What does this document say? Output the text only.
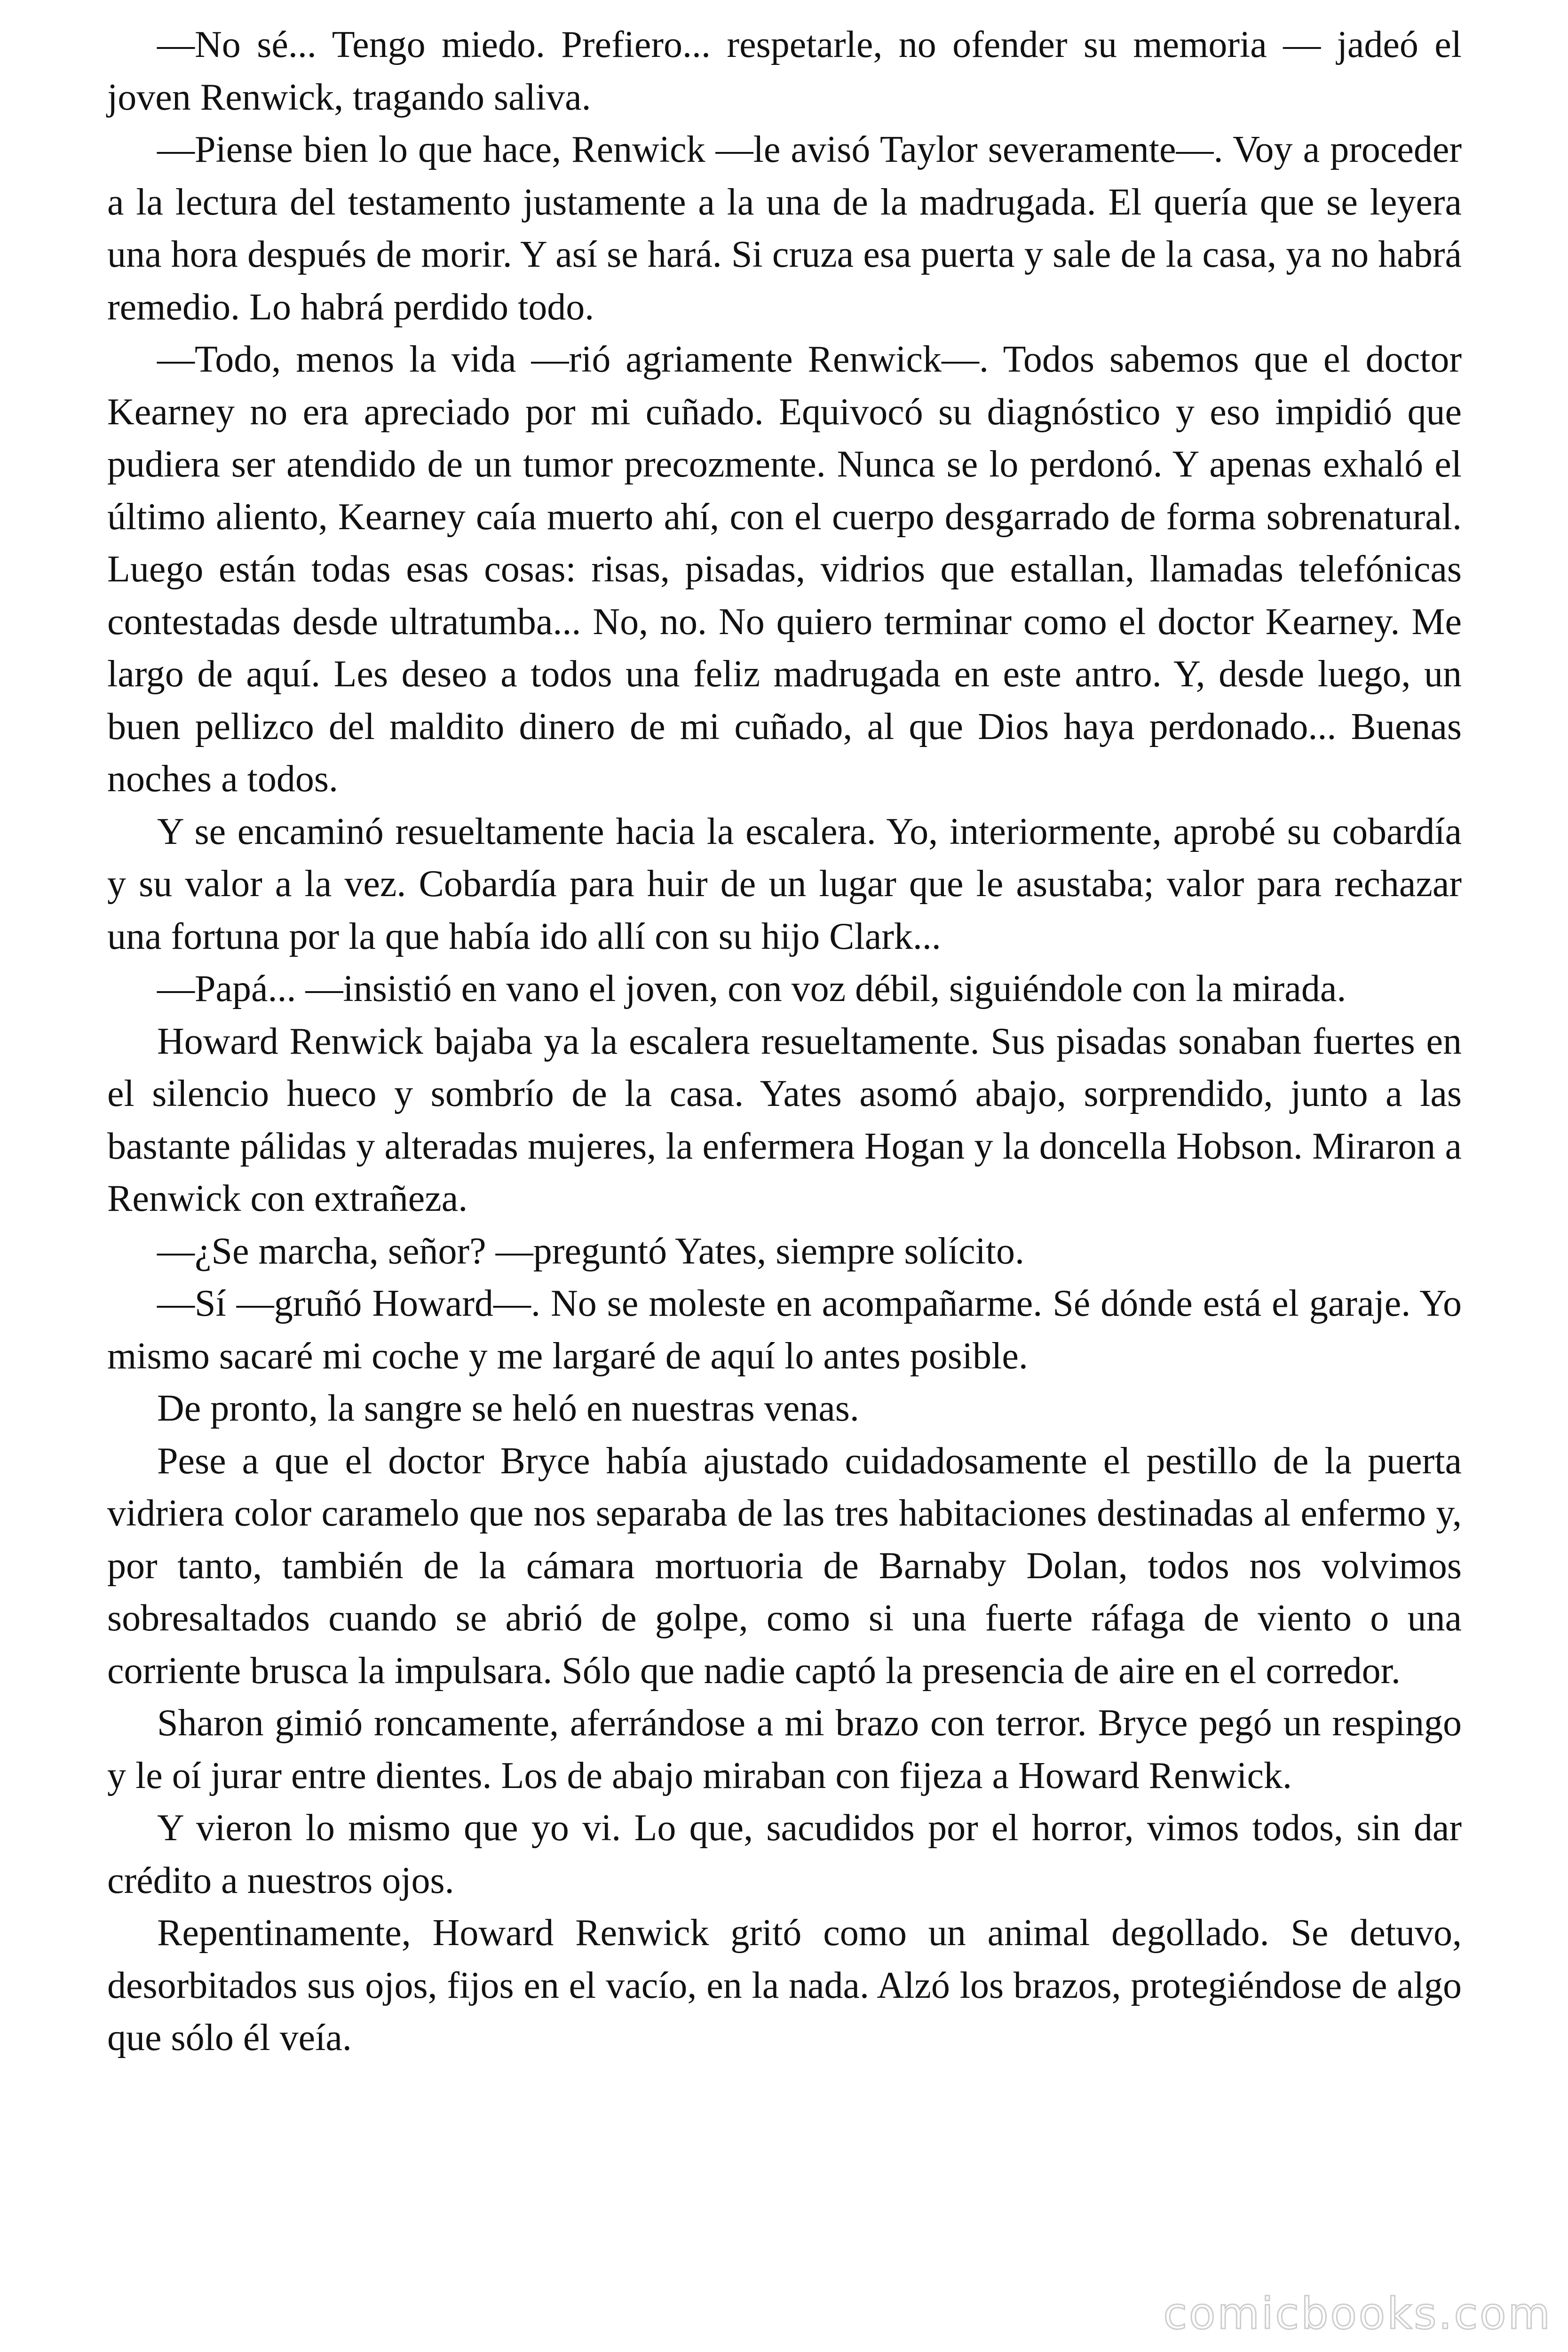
—No sé... Tengo miedo. Prefiero... respetarle, no ofender su memoria — jadeó el joven Renwick, tragando saliva.

—Piense bien lo que hace, Renwick —le avisó Taylor severamente—. Voy a proceder a la lectura del testamento justamente a la una de la madrugada. El quería que se leyera una hora después de morir. Y así se hará. Si cruza esa puerta y sale de la casa, ya no habrá remedio. Lo habrá perdido todo.

—Todo, menos la vida —rió agriamente Renwick—. Todos sabemos que el doctor Kearney no era apreciado por mi cuñado. Equivocó su diagnóstico y eso impidió que pudiera ser atendido de un tumor precozmente. Nunca se lo perdonó. Y apenas exhaló el último aliento, Kearney caía muerto ahí, con el cuerpo desgarrado de forma sobrenatural. Luego están todas esas cosas: risas, pisadas, vidrios que estallan, llamadas telefónicas contestadas desde ultratumba... No, no. No quiero terminar como el doctor Kearney. Me largo de aquí. Les deseo a todos una feliz madrugada en este antro. Y, desde luego, un buen pellizco del maldito dinero de mi cuñado, al que Dios haya perdonado... Buenas noches a todos.

Y se encaminó resueltamente hacia la escalera. Yo, interiormente, aprobé su cobardía y su valor a la vez. Cobardía para huir de un lugar que le asustaba; valor para rechazar una fortuna por la que había ido allí con su hijo Clark...

—Papá... —insistió en vano el joven, con voz débil, siguiéndole con la mirada.

Howard Renwick bajaba ya la escalera resueltamente. Sus pisadas sonaban fuertes en el silencio hueco y sombrío de la casa. Yates asomó abajo, sorprendido, junto a las bastante pálidas y alteradas mujeres, la enfermera Hogan y la doncella Hobson. Miraron a Renwick con extrañeza.

—¿Se marcha, señor? —preguntó Yates, siempre solícito.

—Sí —gruñó Howard—. No se moleste en acompañarme. Sé dónde está el garaje. Yo mismo sacaré mi coche y me largaré de aquí lo antes posible.

De pronto, la sangre se heló en nuestras venas.

Pese a que el doctor Bryce había ajustado cuidadosamente el pestillo de la puerta vidriera color caramelo que nos separaba de las tres habitaciones destinadas al enfermo y, por tanto, también de la cámara mortuoria de Barnaby Dolan, todos nos volvimos sobresaltados cuando se abrió de golpe, como si una fuerte ráfaga de viento o una corriente brusca la impulsara. Sólo que nadie captó la presencia de aire en el corredor.

Sharon gimió roncamente, aferrándose a mi brazo con terror. Bryce pegó un respingo y le oí jurar entre dientes. Los de abajo miraban con fijeza a Howard Renwick.

Y vieron lo mismo que yo vi. Lo que, sacudidos por el horror, vimos todos, sin dar crédito a nuestros ojos.

Repentinamente, Howard Renwick gritó como un animal degollado. Se detuvo, desorbitados sus ojos, fijos en el vacío, en la nada. Alzó los brazos, protegiéndose de algo que sólo él veía.

comicbooks.com
